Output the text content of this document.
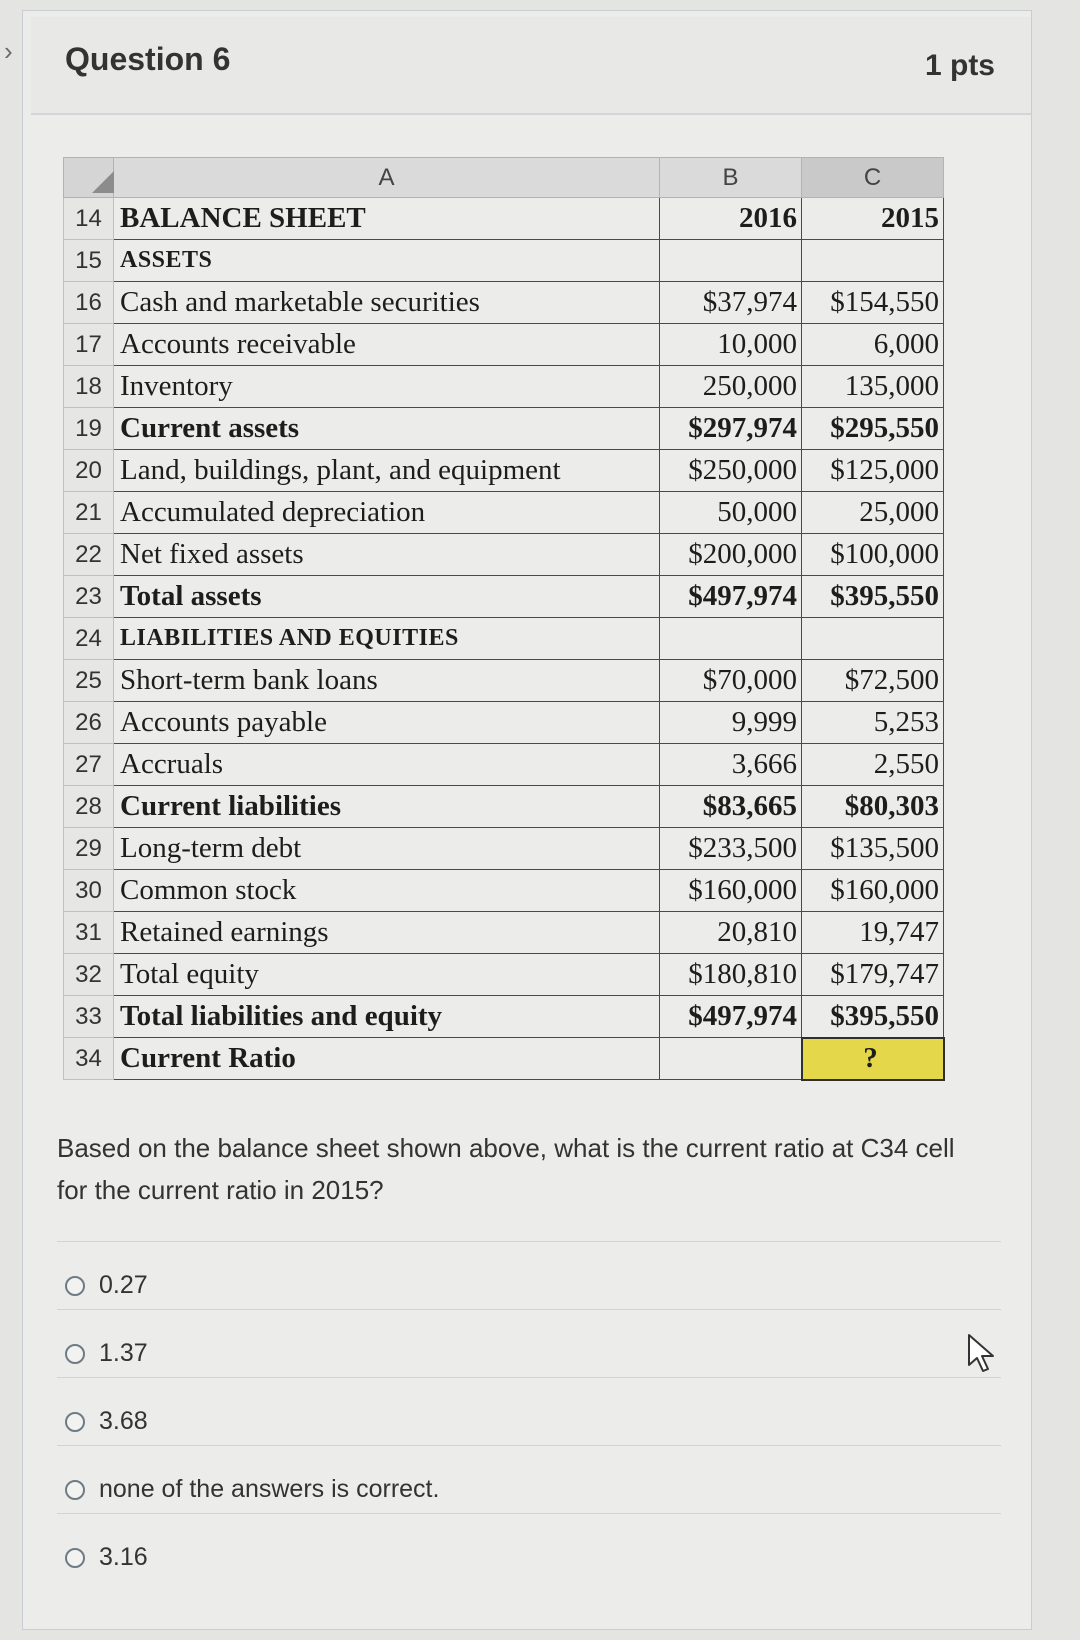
› Question 6	1 pts
	A	B	C
14	BALANCE SHEET	2016	2015
15	ASSETS		
16	Cash and marketable securities	$37,974	$154,550
17	Accounts receivable	10,000	6,000
18	Inventory	250,000	135,000
19	Current assets	$297,974	$295,550
20	Land, buildings, plant, and equipment	$250,000	$125,000
21	Accumulated depreciation	50,000	25,000
22	Net fixed assets	$200,000	$100,000
23	Total assets	$497,974	$395,550
24	LIABILITIES AND EQUITIES		
25	Short-term bank loans	$70,000	$72,500
26	Accounts payable	9,999	5,253
27	Accruals	3,666	2,550
28	Current liabilities	$83,665	$80,303
29	Long-term debt	$233,500	$135,500
30	Common stock	$160,000	$160,000
31	Retained earnings	20,810	19,747
32	Total equity	$180,810	$179,747
33	Total liabilities and equity	$497,974	$395,550
34	Current Ratio		?
Based on the balance sheet shown above, what is the current ratio at C34 cell for the current ratio in 2015?
0.27
1.37
3.68
none of the answers is correct.
3.16
